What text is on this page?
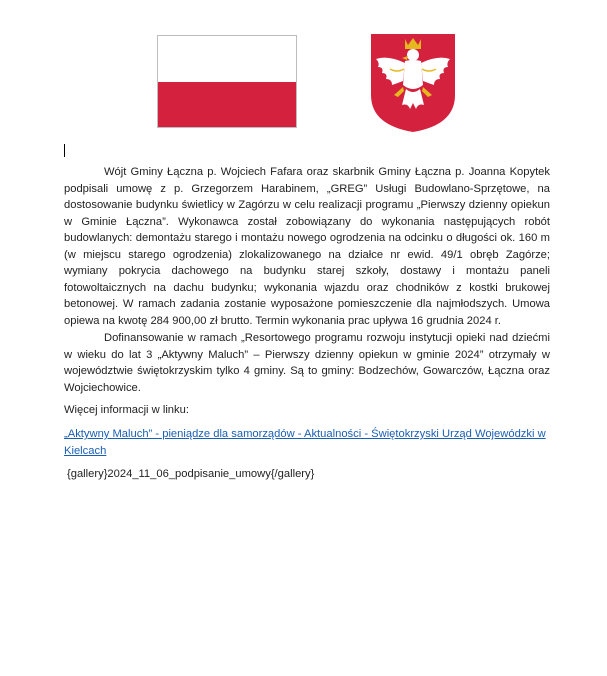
Wójt Gminy Łączna p. Wojciech Fafara oraz skarbnik Gminy Łączna p. Joanna Kopytek podpisali umowę z p. Grzegorzem Harabinem, „GREG” Usługi Budowlano-Sprzętowe, na dostosowanie budynku świetlicy w Zagórzu w celu realizacji programu „Pierwszy dzienny opiekun w Gminie Łączna”. Wykonawca został zobowiązany do wykonania następujących robót budowlanych: demontażu starego i montażu nowego ogrodzenia na odcinku o długości ok. 160 m (w miejscu starego ogrodzenia) zlokalizowanego na działce nr ewid. 49/1 obręb Zagórze; wymiany pokrycia dachowego na budynku starej szkoły, dostawy i montażu paneli fotowoltaicznych na dachu budynku; wykonania wjazdu oraz chodników z kostki brukowej betonowej. W ramach zadania zostanie wyposażone pomieszczenie dla najmłodszych. Umowa opiewa na kwotę 284 900,00 zł brutto. Termin wykonania prac upływa 16 grudnia 2024 r.
Dofinansowanie w ramach „Resortowego programu rozwoju instytucji opieki nad dziećmi w wieku do lat 3 „Aktywny Maluch” – Pierwszy dzienny opiekun w gminie 2024” otrzymały w województwie świętokrzyskim tylko 4 gminy. Są to gminy: Bodzechów, Gowarczów, Łączna oraz Wojciechowice.
Więcej informacji w linku:
„Aktywny Maluch” - pieniądze dla samorządów - Aktualności - Świętokrzyski Urząd Wojewódzki w Kielcach
{gallery}2024_11_06_podpisanie_umowy{/gallery}
